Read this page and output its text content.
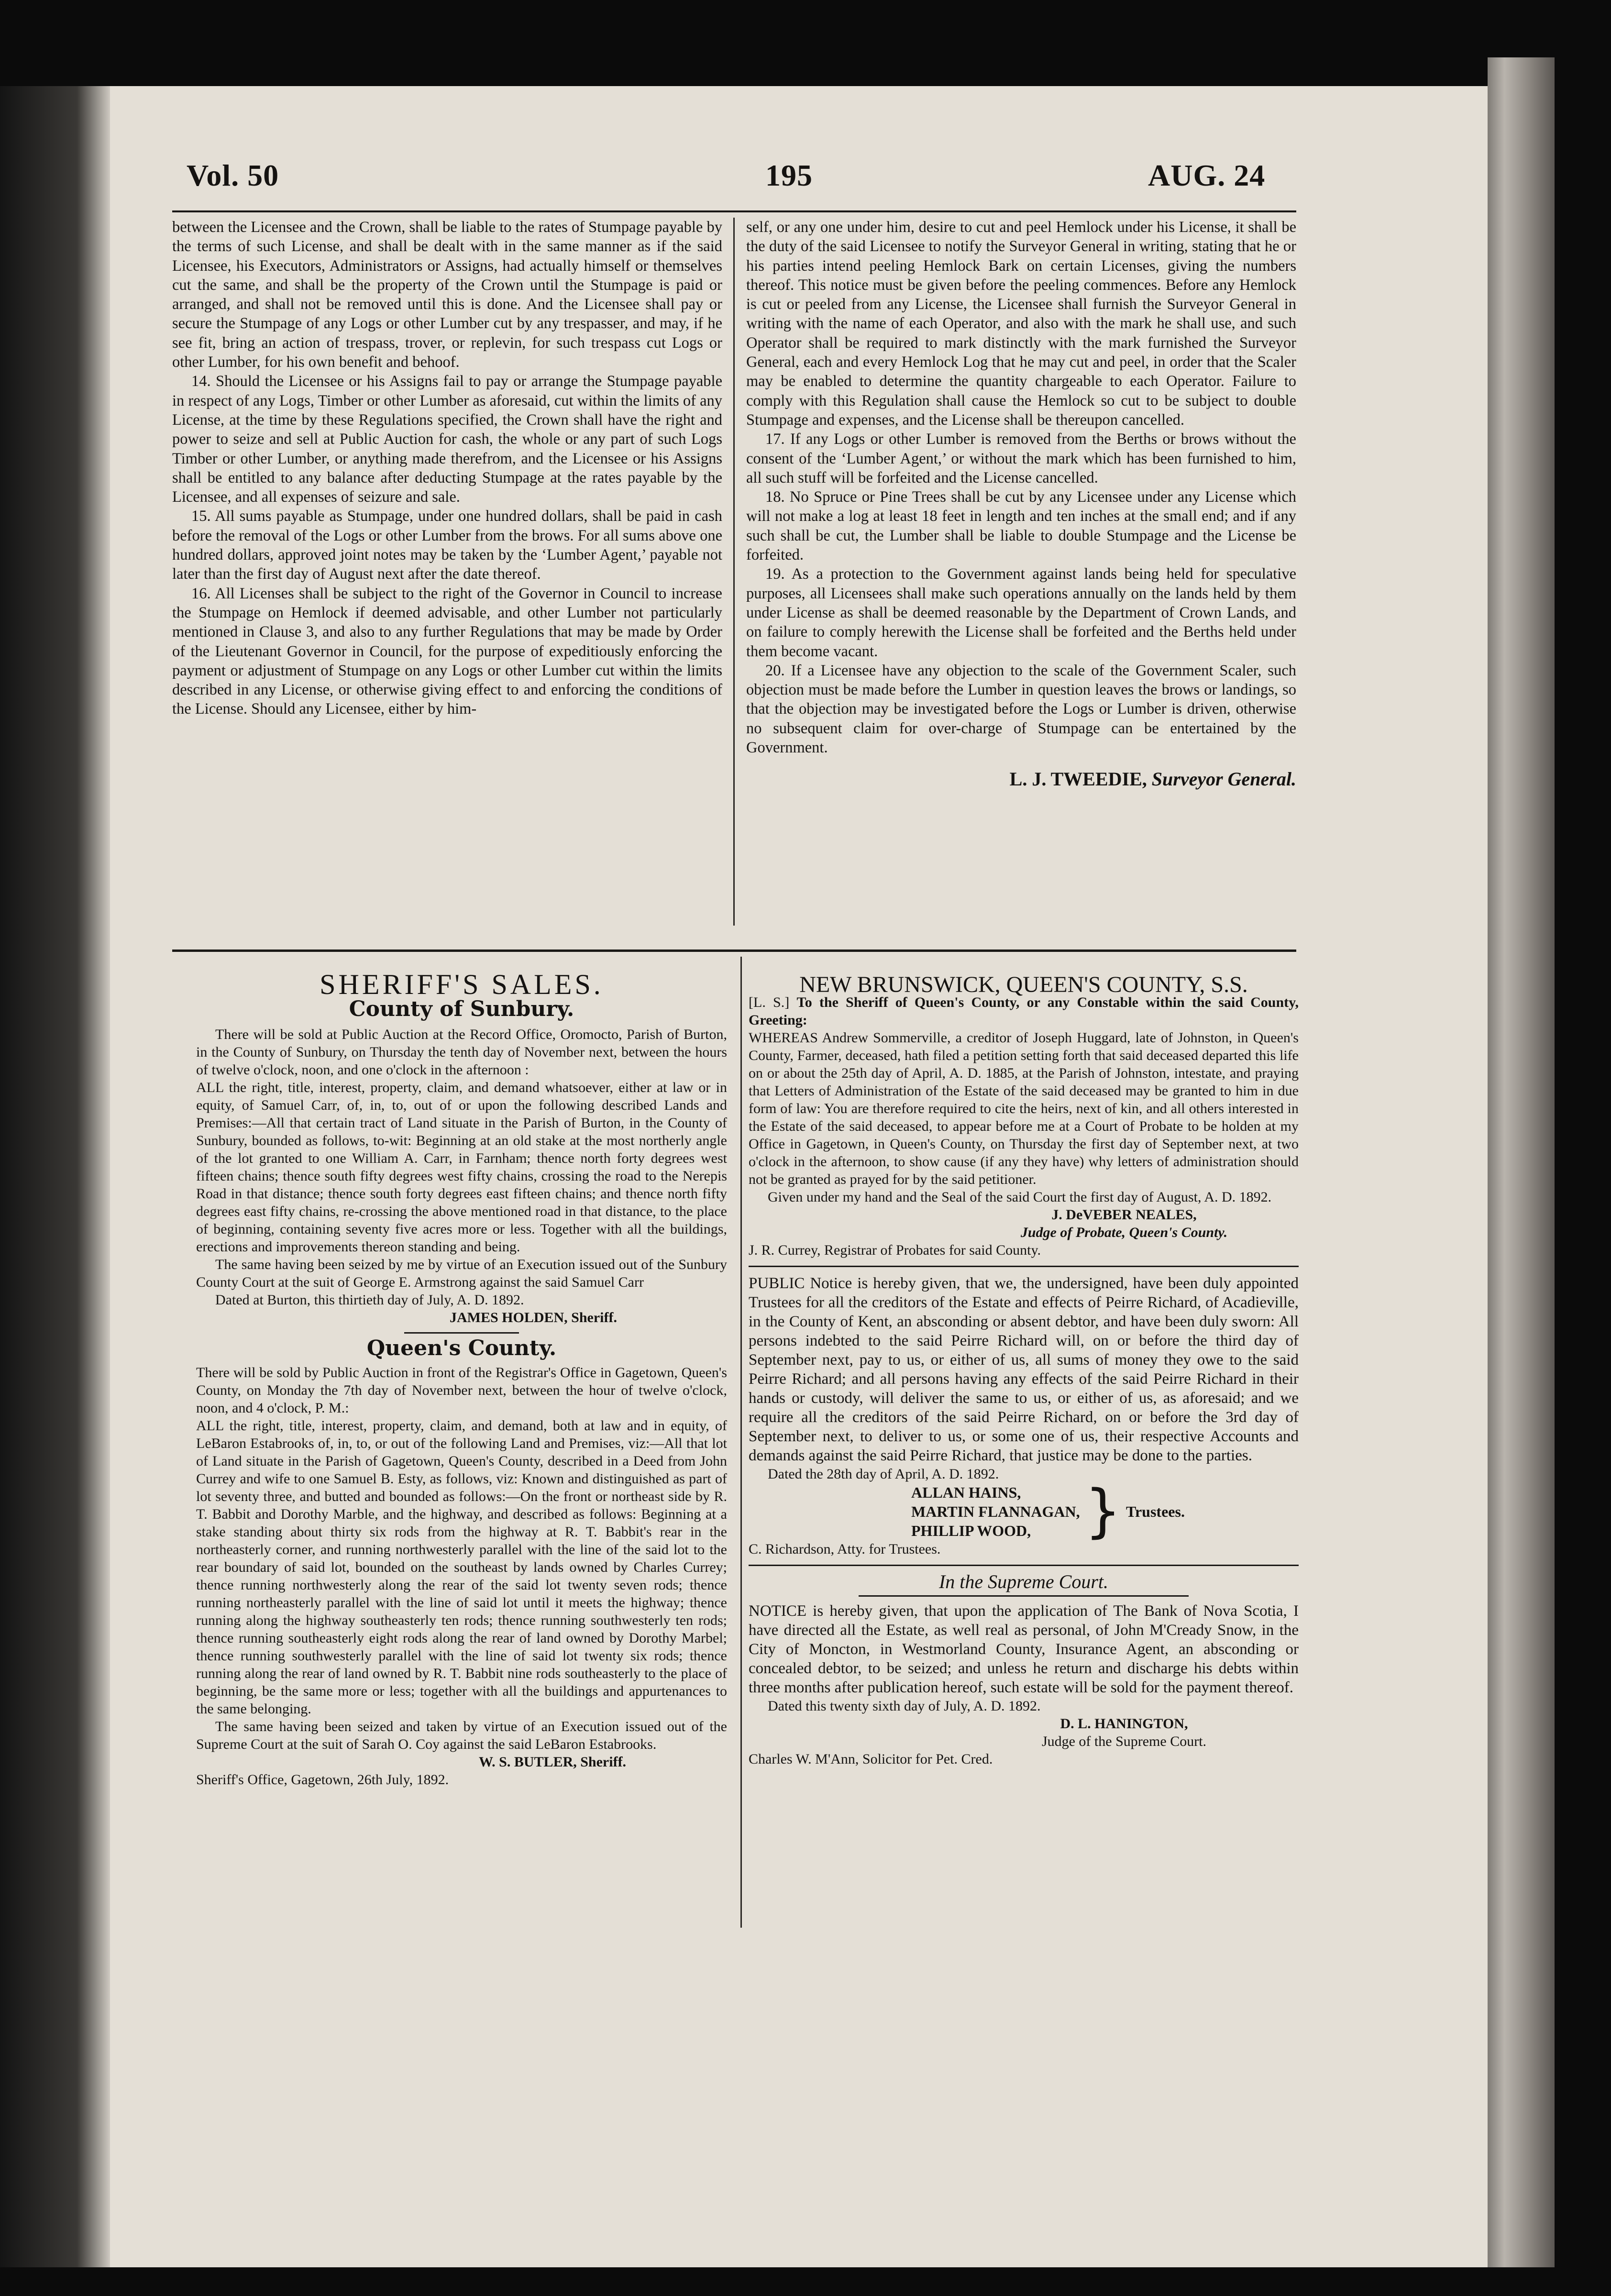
Vol. 50	195	AUG. 24

between the Licensee and the Crown, shall be liable to the rates of Stumpage payable by the terms of such License, and shall be dealt with in the same manner as if the said Licensee, his Executors, Administrators or Assigns, had actually himself or themselves cut the same, and shall be the property of the Crown until the Stumpage is paid or arranged, and shall not be removed until this is done. And the Licensee shall pay or secure the Stumpage of any Logs or other Lumber cut by any trespasser, and may, if he see fit, bring an action of trespass, trover, or replevin, for such trespass cut Logs or other Lumber, for his own benefit and behoof.

14. Should the Licensee or his Assigns fail to pay or arrange the Stumpage payable in respect of any Logs, Timber or other Lumber as aforesaid, cut within the limits of any License, at the time by these Regulations specified, the Crown shall have the right and power to seize and sell at Public Auction for cash, the whole or any part of such Logs Timber or other Lumber, or anything made therefrom, and the Licensee or his Assigns shall be entitled to any balance after deducting Stumpage at the rates payable by the Licensee, and all expenses of seizure and sale.

15. All sums payable as Stumpage, under one hundred dollars, shall be paid in cash before the removal of the Logs or other Lumber from the brows. For all sums above one hundred dollars, approved joint notes may be taken by the ‘Lumber Agent,’ payable not later than the first day of August next after the date thereof.

16. All Licenses shall be subject to the right of the Governor in Council to increase the Stumpage on Hemlock if deemed advisable, and other Lumber not particularly mentioned in Clause 3, and also to any further Regulations that may be made by Order of the Lieutenant Governor in Council, for the purpose of expeditiously enforcing the payment or adjustment of Stumpage on any Logs or other Lumber cut within the limits described in any License, or otherwise giving effect to and enforcing the conditions of the License. Should any Licensee, either by him-

self, or any one under him, desire to cut and peel Hemlock under his License, it shall be the duty of the said Licensee to notify the Surveyor General in writing, stating that he or his parties intend peeling Hemlock Bark on certain Licenses, giving the numbers thereof. This notice must be given before the peeling commences. Before any Hemlock is cut or peeled from any License, the Licensee shall furnish the Surveyor General in writing with the name of each Operator, and also with the mark he shall use, and such Operator shall be required to mark distinctly with the mark furnished the Surveyor General, each and every Hemlock Log that he may cut and peel, in order that the Scaler may be enabled to determine the quantity chargeable to each Operator. Failure to comply with this Regulation shall cause the Hemlock so cut to be subject to double Stumpage and expenses, and the License shall be thereupon cancelled.

17. If any Logs or other Lumber is removed from the Berths or brows without the consent of the ‘Lumber Agent,’ or without the mark which has been furnished to him, all such stuff will be forfeited and the License cancelled.

18. No Spruce or Pine Trees shall be cut by any Licensee under any License which will not make a log at least 18 feet in length and ten inches at the small end; and if any such shall be cut, the Lumber shall be liable to double Stumpage and the License be forfeited.

19. As a protection to the Government against lands being held for speculative purposes, all Licensees shall make such operations annually on the lands held by them under License as shall be deemed reasonable by the Department of Crown Lands, and on failure to comply herewith the License shall be forfeited and the Berths held under them become vacant.

20. If a Licensee have any objection to the scale of the Government Scaler, such objection must be made before the Lumber in question leaves the brows or landings, so that the objection may be investigated before the Logs or Lumber is driven, otherwise no subsequent claim for over-charge of Stumpage can be entertained by the Government.

L. J. TWEEDIE, Surveyor General.
SHERIFF'S SALES.
County of Sunbury.

There will be sold at Public Auction at the Record Office, Oromocto, Parish of Burton, in the County of Sunbury, on Thursday the tenth day of November next, between the hours of twelve o'clock, noon, and one o'clock in the afternoon :

ALL the right, title, interest, property, claim, and demand whatsoever, either at law or in equity, of Samuel Carr, of, in, to, out of or upon the following described Lands and Premises:—All that certain tract of Land situate in the Parish of Burton, in the County of Sunbury, bounded as follows, to-wit: Beginning at an old stake at the most northerly angle of the lot granted to one William A. Carr, in Farnham; thence north forty degrees west fifteen chains; thence south fifty degrees west fifty chains, crossing the road to the Nerepis Road in that distance; thence south forty degrees east fifteen chains; and thence north fifty degrees east fifty chains, re-crossing the above mentioned road in that distance, to the place of beginning, containing seventy five acres more or less. Together with all the buildings, erections and improvements thereon standing and being.

The same having been seized by me by virtue of an Execution issued out of the Sunbury County Court at the suit of George E. Armstrong against the said Samuel Carr

Dated at Burton, this thirtieth day of July, A. D. 1892.

JAMES HOLDEN, Sheriff.
Queen's County.

There will be sold by Public Auction in front of the Registrar's Office in Gagetown, Queen's County, on Monday the 7th day of November next, between the hour of twelve o'clock, noon, and 4 o'clock, P. M.:

ALL the right, title, interest, property, claim, and demand, both at law and in equity, of LeBaron Estabrooks of, in, to, or out of the following Land and Premises, viz:—All that lot of Land situate in the Parish of Gagetown, Queen's County, described in a Deed from John Currey and wife to one Samuel B. Esty, as follows, viz: Known and distinguished as part of lot seventy three, and butted and bounded as follows:—On the front or northeast side by R. T. Babbit and Dorothy Marble, and the highway, and described as follows: Beginning at a stake standing about thirty six rods from the highway at R. T. Babbit's rear in the northeasterly corner, and running northwesterly parallel with the line of the said lot to the rear boundary of said lot, bounded on the southeast by lands owned by Charles Currey; thence running northwesterly along the rear of the said lot twenty seven rods; thence running northeasterly parallel with the line of said lot until it meets the highway; thence running along the highway southeasterly ten rods; thence running southwesterly ten rods; thence running southeasterly eight rods along the rear of land owned by Dorothy Marbel; thence running southwesterly parallel with the line of said lot twenty six rods; thence running along the rear of land owned by R. T. Babbit nine rods southeasterly to the place of beginning, be the same more or less; together with all the buildings and appurtenances to the same belonging.

The same having been seized and taken by virtue of an Execution issued out of the Supreme Court at the suit of Sarah O. Coy against the said LeBaron Estabrooks.

W. S. BUTLER, Sheriff.

Sheriff's Office, Gagetown, 26th July, 1892.

NEW BRUNSWICK, QUEEN'S COUNTY, S.S.

[L. S.] To the Sheriff of Queen's County, or any Constable within the said County, Greeting:

WHEREAS Andrew Sommerville, a creditor of Joseph Huggard, late of Johnston, in Queen's County, Farmer, deceased, hath filed a petition setting forth that said deceased departed this life on or about the 25th day of April, A. D. 1885, at the Parish of Johnston, intestate, and praying that Letters of Administration of the Estate of the said deceased may be granted to him in due form of law: You are therefore required to cite the heirs, next of kin, and all others interested in the Estate of the said deceased, to appear before me at a Court of Probate to be holden at my Office in Gagetown, in Queen's County, on Thursday the first day of September next, at two o'clock in the afternoon, to show cause (if any they have) why letters of administration should not be granted as prayed for by the said petitioner.

Given under my hand and the Seal of the said Court the first day of August, A. D. 1892.

J. DeVEBER NEALES,
Judge of Probate, Queen's County.

J. R. Currey, Registrar of Probates for said County.

PUBLIC Notice is hereby given, that we, the undersigned, have been duly appointed Trustees for all the creditors of the Estate and effects of Peirre Richard, of Acadieville, in the County of Kent, an absconding or absent debtor, and have been duly sworn: All persons indebted to the said Peirre Richard will, on or before the third day of September next, pay to us, or either of us, all sums of money they owe to the said Peirre Richard; and all persons having any effects of the said Peirre Richard in their hands or custody, will deliver the same to us, or either of us, as aforesaid; and we require all the creditors of the said Peirre Richard, on or before the 3rd day of September next, to deliver to us, or some one of us, their respective Accounts and demands against the said Peirre Richard, that justice may be done to the parties.

Dated the 28th day of April, A. D. 1892.

ALLAN HAINS,
MARTIN FLANNAGAN,
PHILLIP WOOD, } Trustees.

C. Richardson, Atty. for Trustees.

In the Supreme Court.

NOTICE is hereby given, that upon the application of The Bank of Nova Scotia, I have directed all the Estate, as well real as personal, of John M'Cready Snow, in the City of Moncton, in Westmorland County, Insurance Agent, an absconding or concealed debtor, to be seized; and unless he return and discharge his debts within three months after publication hereof, such estate will be sold for the payment thereof.

Dated this twenty sixth day of July, A. D. 1892.

D. L. HANINGTON,
Judge of the Supreme Court.

Charles W. M'Ann, Solicitor for Pet. Cred.
